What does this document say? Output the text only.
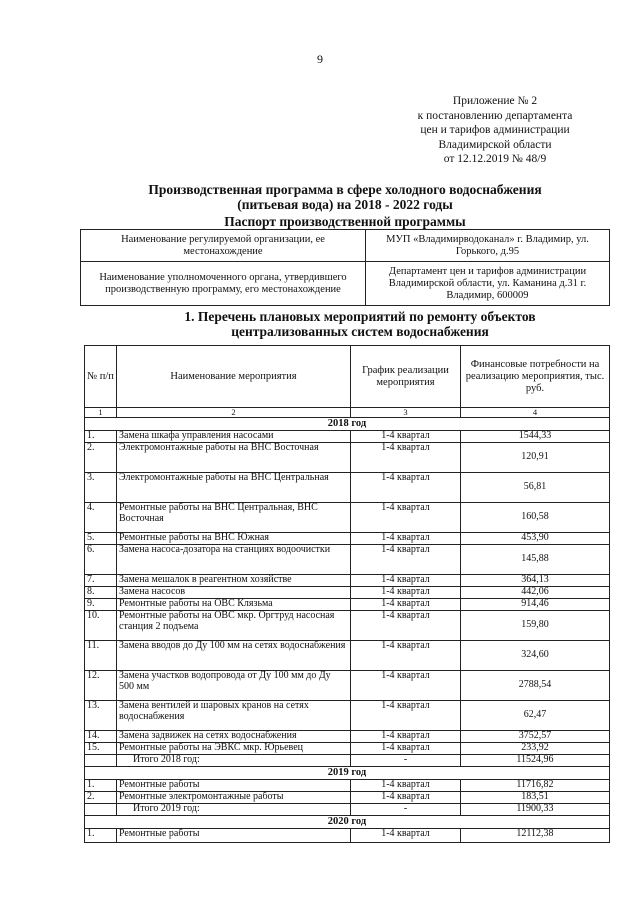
9
Приложение № 2
к постановлению департамента
цен и тарифов администрации
Владимирской области
от 12.12.2019 № 48/9
Производственная программа в сфере холодного водоснабжения
(питьевая вода) на 2018 - 2022 годы
Паспорт производственной программы
Наименование регулируемой организации, ее местонахождение	МУП «Владимирводоканал» г. Владимир, ул. Горького, д.95
Наименование уполномоченного органа, утвердившего производственную программу, его местонахождение	Департамент цен и тарифов администрации Владимирской области, ул. Каманина д.31 г. Владимир, 600009
1. Перечень плановых мероприятий по ремонту объектов
централизованных систем водоснабжения
№ п/п	Наименование мероприятия	График реализации мероприятия	Финансовые потребности на реализацию мероприятия, тыс. руб.
1	2	3	4
2018 год			
1.	Замена шкафа управления насосами	1-4 квартал	1544,33
2.	Электромонтажные работы на ВНС Восточная	1-4 квартал	120,91
3.	Электромонтажные работы на ВНС Центральная	1-4 квартал	56,81
4.	Ремонтные работы на ВНС Центральная, ВНС Восточная	1-4 квартал	160,58
5.	Ремонтные работы на ВНС Южная	1-4 квартал	453,90
6.	Замена насоса-дозатора на станциях водоочистки	1-4 квартал	145,88
7.	Замена мешалок в реагентном хозяйстве	1-4 квартал	364,13
8.	Замена насосов	1-4 квартал	442,06
9.	Ремонтные работы на ОВС Клязьма	1-4 квартал	914,46
10.	Ремонтные работы на ОВС мкр. Оргтруд насосная станция 2 подъема	1-4 квартал	159,80
11.	Замена вводов до Ду 100 мм на сетях водоснабжения	1-4 квартал	324,60
12.	Замена участков водопровода от Ду 100 мм до Ду 500 мм	1-4 квартал	2788,54
13.	Замена вентилей и шаровых кранов на сетях водоснабжения	1-4 квартал	62,47
14.	Замена задвижек на сетях водоснабжения	1-4 квартал	3752,57
15.	Ремонтные работы на ЭВКС мкр. Юрьевец	1-4 квартал	233,92
	Итого 2018 год:	-	11524,96
2019 год			
1.	Ремонтные работы	1-4 квартал	11716,82
2.	Ремонтные электромонтажные работы	1-4 квартал	183,51
	Итого 2019 год:	-	11900,33
2020 год			
1.	Ремонтные работы	1-4 квартал	12112,38
